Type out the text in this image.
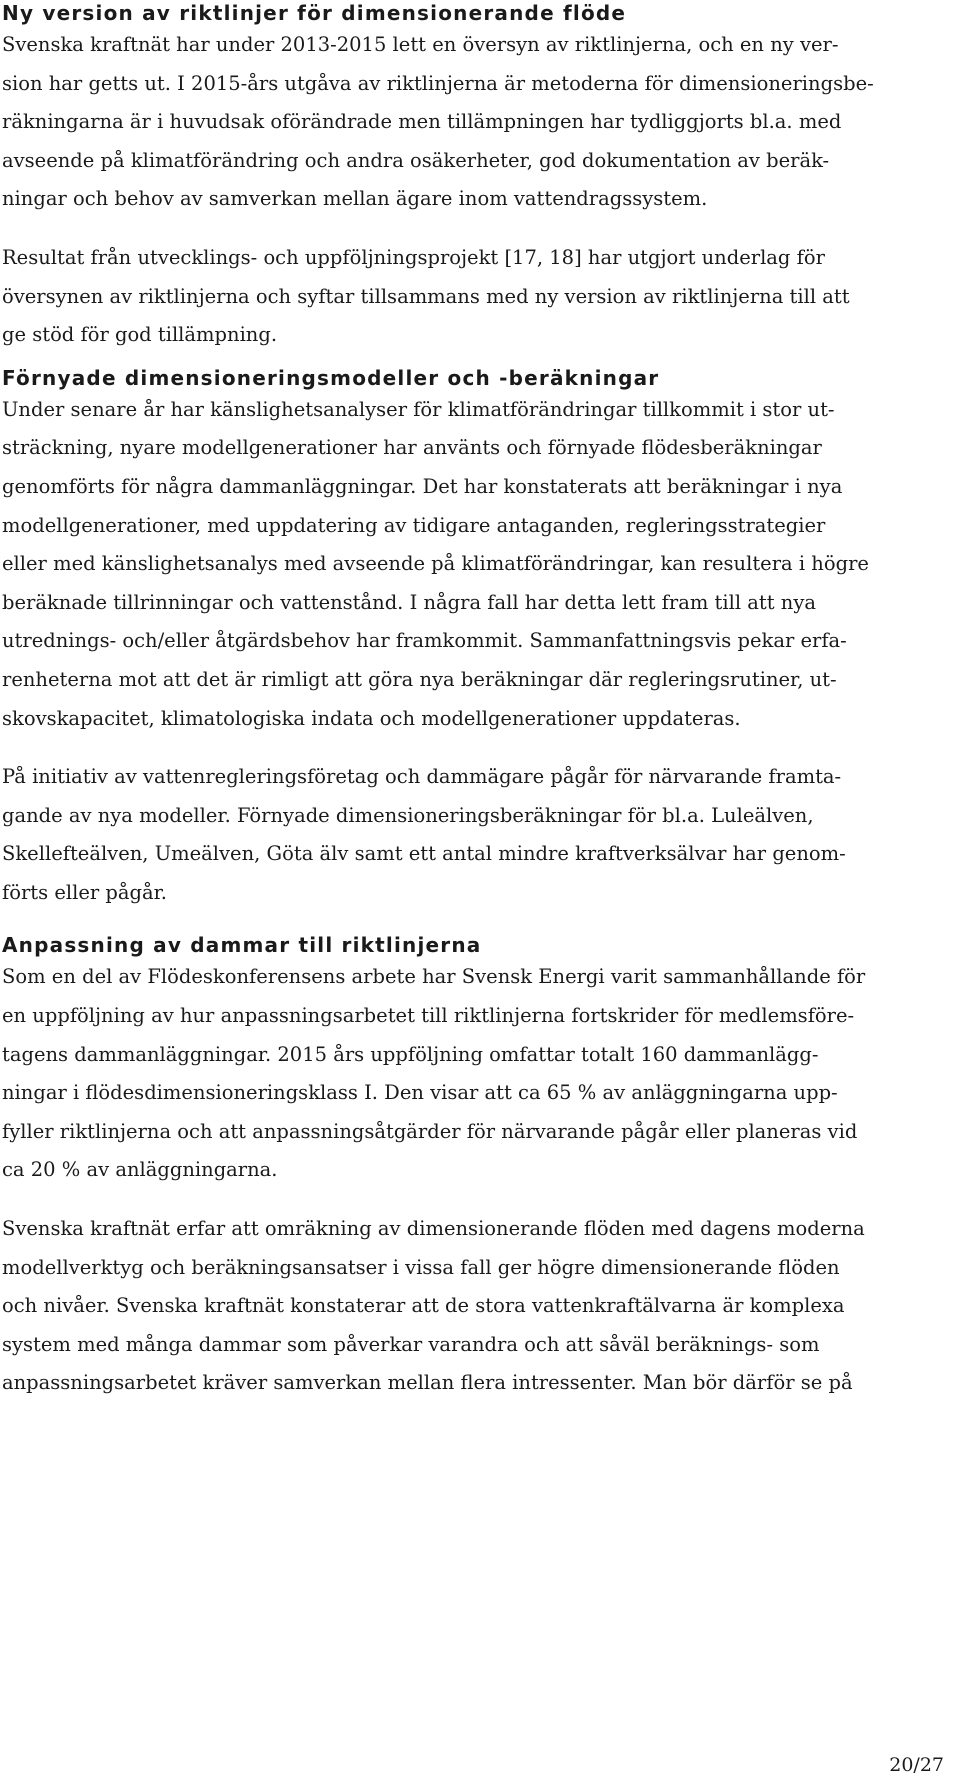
Ny version av riktlinjer för dimensionerande flöde

Svenska kraftnät har under 2013-2015 lett en översyn av riktlinjerna, och en ny ver-
sion har getts ut. I 2015-års utgåva av riktlinjerna är metoderna för dimensioneringsbe-
räkningarna är i huvudsak oförändrade men tillämpningen har tydliggjorts bl.a. med
avseende på klimatförändring och andra osäkerheter, god dokumentation av beräk-
ningar och behov av samverkan mellan ägare inom vattendragssystem.

Resultat från utvecklings- och uppföljningsprojekt [17, 18] har utgjort underlag för
översynen av riktlinjerna och syftar tillsammans med ny version av riktlinjerna till att
ge stöd för god tillämpning.

Förnyade dimensioneringsmodeller och -beräkningar

Under senare år har känslighetsanalyser för klimatförändringar tillkommit i stor ut-
sträckning, nyare modellgenerationer har använts och förnyade flödesberäkningar
genomförts för några dammanläggningar. Det har konstaterats att beräkningar i nya
modellgenerationer, med uppdatering av tidigare antaganden, regleringsstrategier
eller med känslighetsanalys med avseende på klimatförändringar, kan resultera i högre
beräknade tillrinningar och vattenstånd. I några fall har detta lett fram till att nya
utrednings- och/eller åtgärdsbehov har framkommit. Sammanfattningsvis pekar erfa-
renheterna mot att det är rimligt att göra nya beräkningar där regleringsrutiner, ut-
skovskapacitet, klimatologiska indata och modellgenerationer uppdateras.

På initiativ av vattenregleringsföretag och dammägare pågår för närvarande framta-
gande av nya modeller. Förnyade dimensioneringsberäkningar för bl.a. Luleälven,
Skellefteälven, Umeälven, Göta älv samt ett antal mindre kraftverksälvar har genom-
förts eller pågår.

Anpassning av dammar till riktlinjerna

Som en del av Flödeskonferensens arbete har Svensk Energi varit sammanhållande för
en uppföljning av hur anpassningsarbetet till riktlinjerna fortskrider för medlemsföre-
tagens dammanläggningar. 2015 års uppföljning omfattar totalt 160 dammanlägg-
ningar i flödesdimensioneringsklass I. Den visar att ca 65 % av anläggningarna upp-
fyller riktlinjerna och att anpassningsåtgärder för närvarande pågår eller planeras vid
ca 20 % av anläggningarna.

Svenska kraftnät erfar att omräkning av dimensionerande flöden med dagens moderna
modellverktyg och beräkningsansatser i vissa fall ger högre dimensionerande flöden
och nivåer. Svenska kraftnät konstaterar att de stora vattenkraftälvarna är komplexa
system med många dammar som påverkar varandra och att såväl beräknings- som
anpassningsarbetet kräver samverkan mellan flera intressenter. Man bör därför se på

20/27
